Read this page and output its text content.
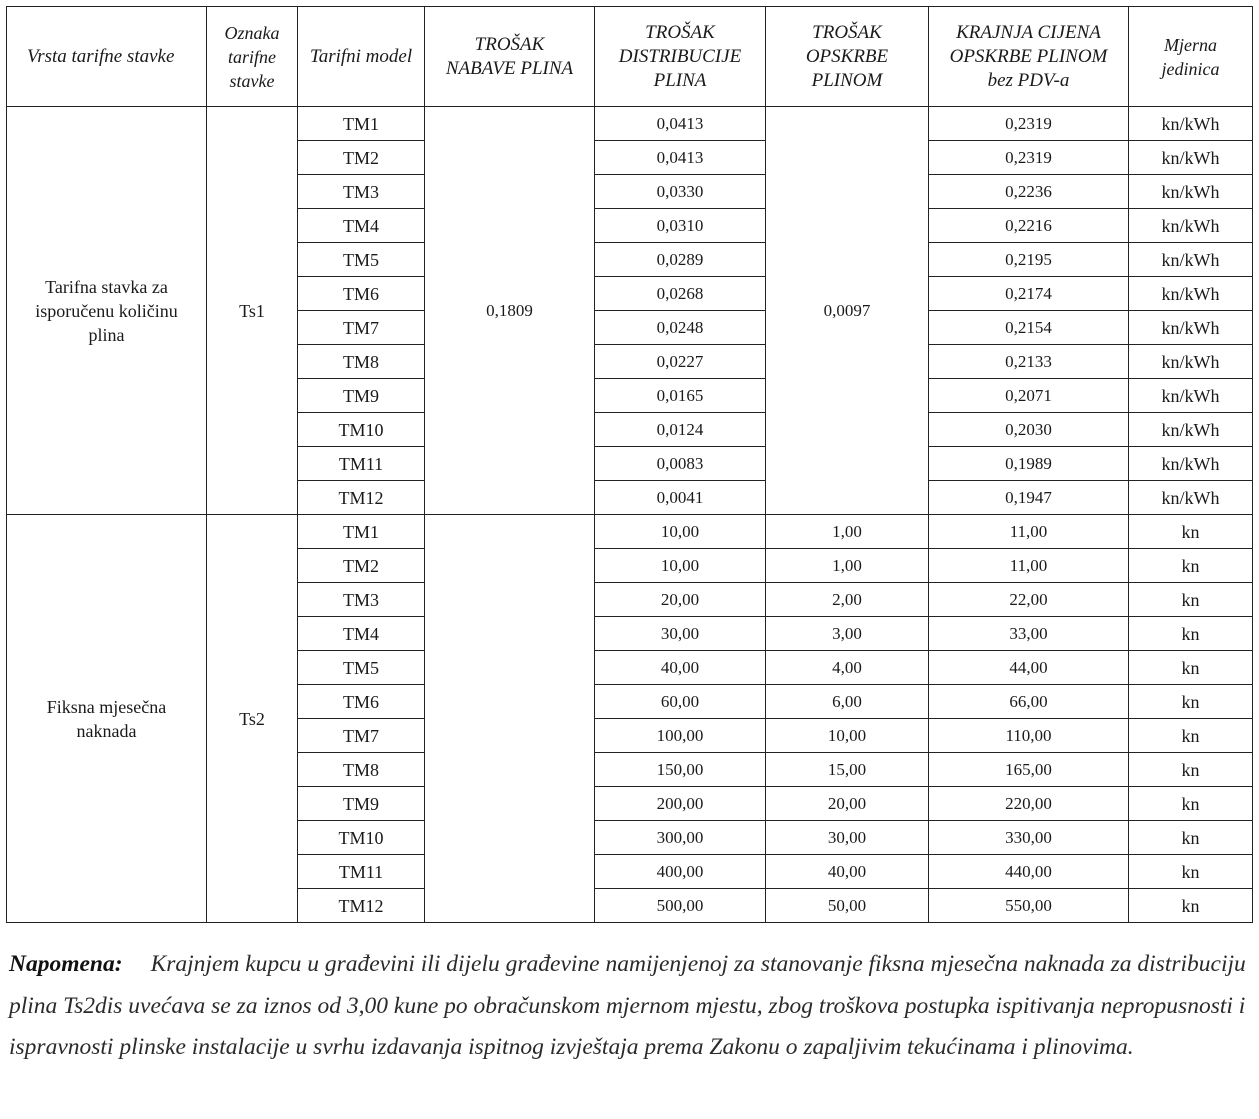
Vrsta tarifne stavke	Oznaka
tarifne
stavke	Tarifni model	TROŠAK
NABAVE PLINA	TROŠAK
DISTRIBUCIJE
PLINA	TROŠAK
OPSKRBE
PLINOM	KRAJNJA CIJENA
OPSKRBE PLINOM
bez PDV-a	Mjerna
jedinica
Tarifna stavka za isporučenu količinu plina	Ts1	TM1	0,1809	0,0413	0,0097	0,2319	kn/kWh
		TM2		0,0413		0,2319	kn/kWh
		TM3		0,0330		0,2236	kn/kWh
		TM4		0,0310		0,2216	kn/kWh
		TM5		0,0289		0,2195	kn/kWh
		TM6		0,0268		0,2174	kn/kWh
		TM7		0,0248		0,2154	kn/kWh
		TM8		0,0227		0,2133	kn/kWh
		TM9		0,0165		0,2071	kn/kWh
		TM10		0,0124		0,2030	kn/kWh
		TM11		0,0083		0,1989	kn/kWh
		TM12		0,0041		0,1947	kn/kWh
Fiksna mjesečna naknada	Ts2	TM1		10,00	1,00	11,00	kn
		TM2		10,00	1,00	11,00	kn
		TM3		20,00	2,00	22,00	kn
		TM4		30,00	3,00	33,00	kn
		TM5		40,00	4,00	44,00	kn
		TM6		60,00	6,00	66,00	kn
		TM7		100,00	10,00	110,00	kn
		TM8		150,00	15,00	165,00	kn
		TM9		200,00	20,00	220,00	kn
		TM10		300,00	30,00	330,00	kn
		TM11		400,00	40,00	440,00	kn
		TM12		500,00	50,00	550,00	kn
Napomena: Krajnjem kupcu u građevini ili dijelu građevine namijenjenoj za stanovanje fiksna mjesečna naknada za distribuciju plina Ts2dis uvećava se za iznos od 3,00 kune po obračunskom mjernom mjestu, zbog troškova postupka ispitivanja nepropusnosti i ispravnosti plinske instalacije u svrhu izdavanja ispitnog izvještaja prema Zakonu o zapaljivim tekućinama i plinovima.
